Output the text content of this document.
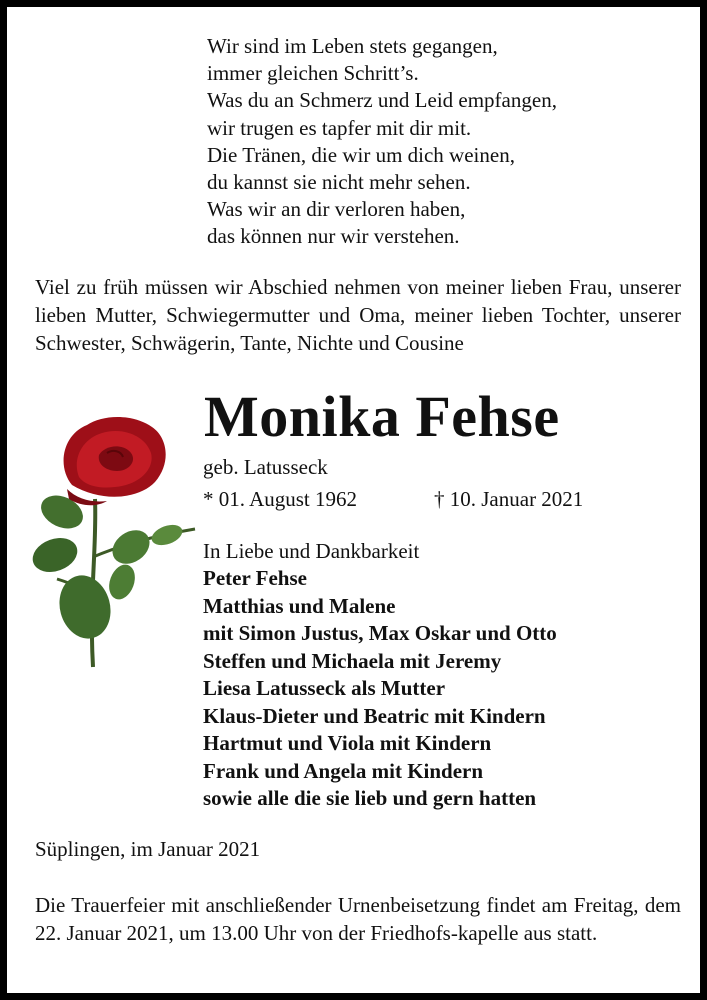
Wir sind im Leben stets gegangen,
immer gleichen Schritt’s.
Was du an Schmerz und Leid empfangen,
wir trugen es tapfer mit dir mit.
Die Tränen, die wir um dich weinen,
du kannst sie nicht mehr sehen.
Was wir an dir verloren haben,
das können nur wir verstehen.
Viel zu früh müssen wir Abschied nehmen von meiner lieben Frau, unserer lieben Mutter, Schwiegermutter und Oma, meiner lieben Tochter, unserer Schwester, Schwägerin, Tante, Nichte und Cousine
Monika Fehse
geb. Latusseck
* 01. August 1962	† 10. Januar 2021
In Liebe und Dankbarkeit
Peter Fehse
Matthias und Malene
mit Simon Justus, Max Oskar und Otto
Steffen und Michaela mit Jeremy
Liesa Latusseck als Mutter
Klaus-Dieter und Beatric mit Kindern
Hartmut und Viola mit Kindern
Frank und Angela mit Kindern
sowie alle die sie lieb und gern hatten
Süplingen, im Januar 2021
Die Trauerfeier mit anschließender Urnenbeisetzung findet am Freitag, dem 22. Januar 2021, um 13.00 Uhr von der Friedhofs-kapelle aus statt.
